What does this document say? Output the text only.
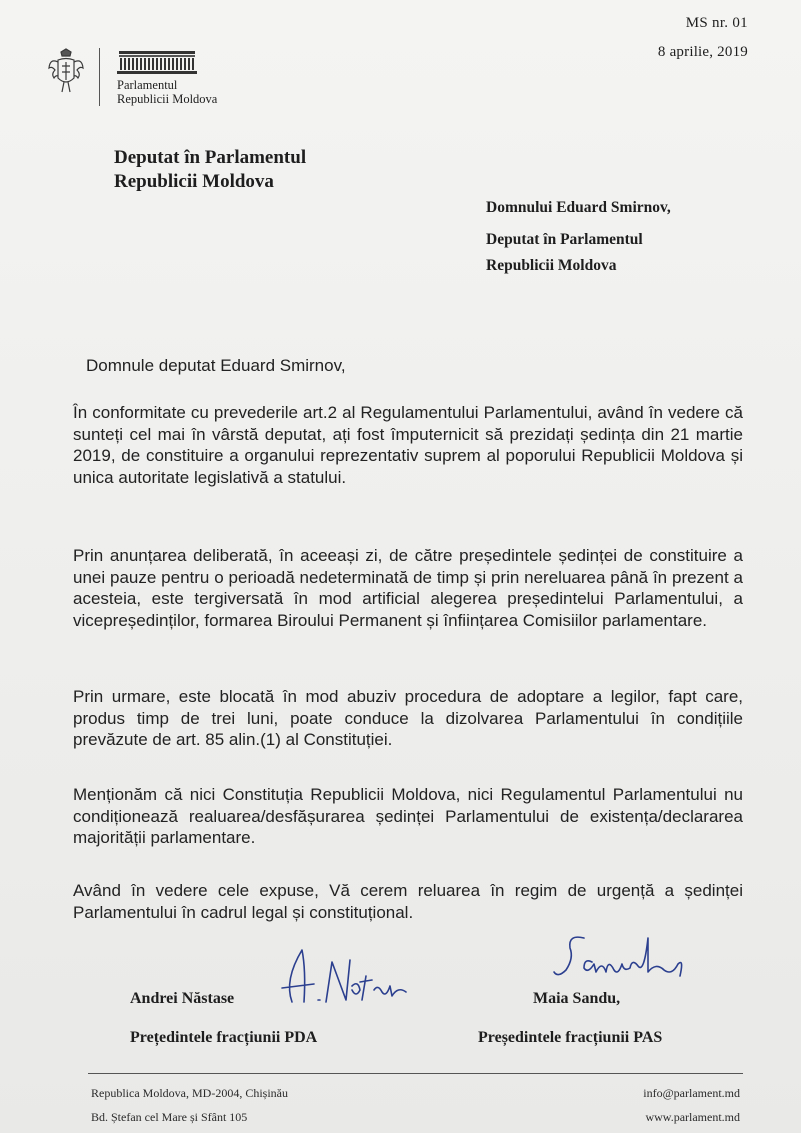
MS nr. 01
8 aprilie, 2019
Parlamentul
Republicii Moldova
Deputat în Parlamentul
Republicii Moldova
Domnului Eduard Smirnov,
Deputat în Parlamentul
Republicii Moldova
Domnule deputat Eduard Smirnov,
În conformitate cu prevederile art.2 al Regulamentului Parlamentului, având în vedere că sunteți cel mai în vârstă deputat, ați fost împuternicit să prezidați ședința din 21 martie 2019, de constituire a organului reprezentativ suprem al poporului Republicii Moldova și unica autoritate legislativă a statului.
Prin anunțarea deliberată, în aceeași zi, de către președintele ședinței de constituire a unei pauze pentru o perioadă nedeterminată de timp și prin nereluarea până în prezent a acesteia, este tergiversată în mod artificial alegerea președintelui Parlamentului, a vicepreședinților, formarea Biroului Permanent și înființarea Comisiilor parlamentare.
Prin urmare, este blocată în mod abuziv procedura de adoptare a legilor, fapt care, produs timp de trei luni, poate conduce la dizolvarea Parlamentului în condițiile prevăzute de art. 85 alin.(1) al Constituției.
Menționăm că nici Constituția Republicii Moldova, nici Regulamentul Parlamentului nu condiționează realuarea/desfășurarea ședinței Parlamentului de existența/declararea majorității parlamentare.
Având în vedere cele expuse, Vă cerem reluarea în regim de urgență a ședinței Parlamentului în cadrul legal și constituțional.
Andrei Năstase	Maia Sandu,
Prețedintele fracțiunii PDA	Președintele fracțiunii PAS
Republica Moldova, MD-2004, Chișinău
Bd. Ștefan cel Mare și Sfânt 105
info@parlament.md
www.parlament.md
